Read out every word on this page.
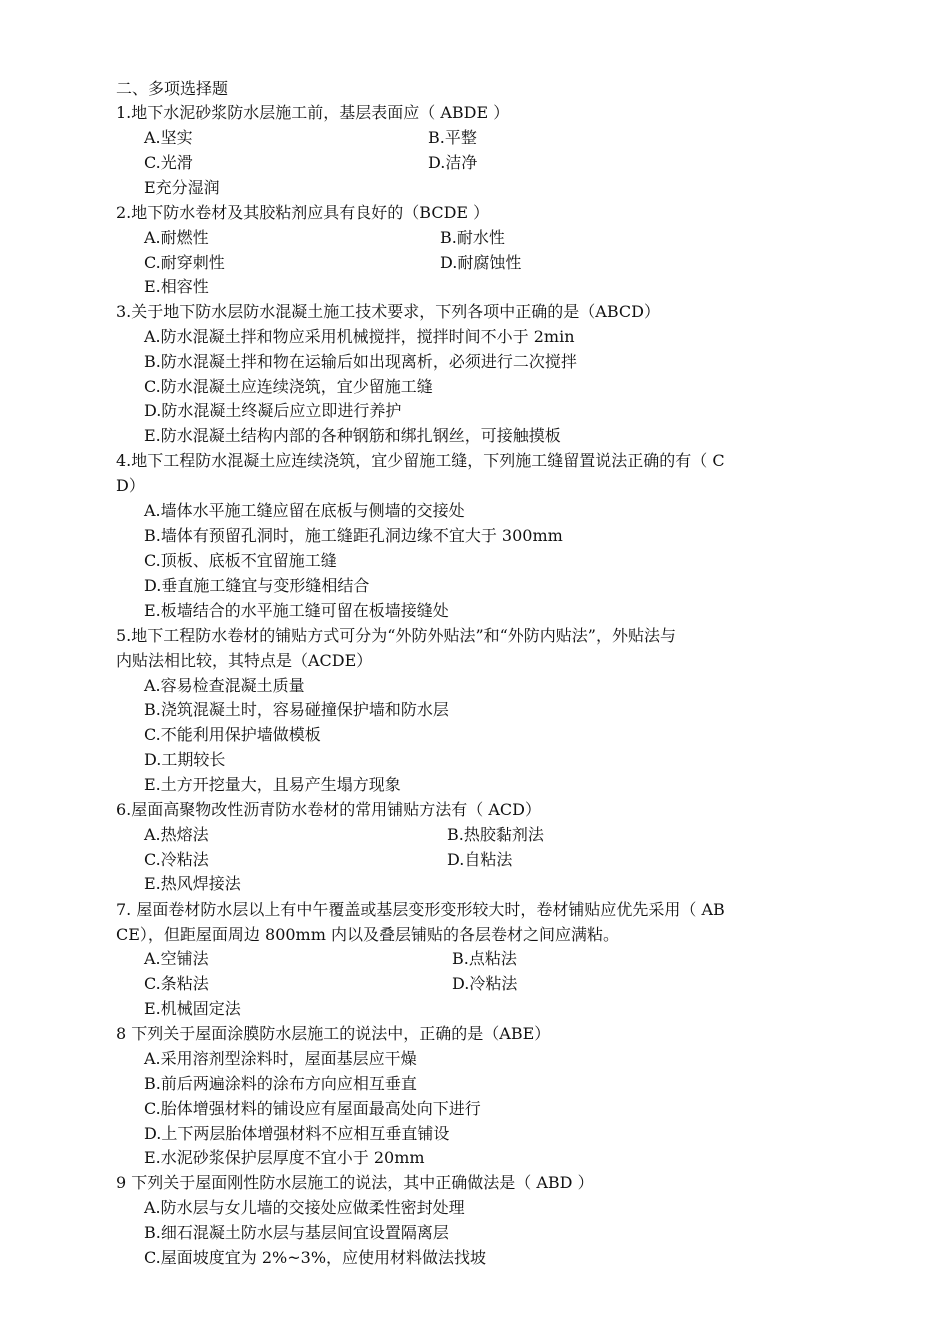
二、多项选择题
1.地下水泥砂浆防水层施工前，基层表面应（ ABDE ）
A.坚实	B.平整
C.光滑	D.洁净
E充分湿润
2.地下防水卷材及其胶粘剂应具有良好的（BCDE ）
A.耐燃性	B.耐水性
C.耐穿刺性	D.耐腐蚀性
E.相容性
3.关于地下防水层防水混凝土施工技术要求，下列各项中正确的是（ABCD）
A.防水混凝土拌和物应采用机械搅拌，搅拌时间不小于 2min
B.防水混凝土拌和物在运输后如出现离析，必须进行二次搅拌
C.防水混凝土应连续浇筑，宜少留施工缝
D.防水混凝土终凝后应立即进行养护
E.防水混凝土结构内部的各种钢筋和绑扎钢丝，可接触摸板
4.地下工程防水混凝土应连续浇筑，宜少留施工缝，下列施工缝留置说法正确的有（ C
D）
A.墙体水平施工缝应留在底板与侧墙的交接处
B.墙体有预留孔洞时，施工缝距孔洞边缘不宜大于 300mm
C.顶板、底板不宜留施工缝
D.垂直施工缝宜与变形缝相结合
E.板墙结合的水平施工缝可留在板墙接缝处
5.地下工程防水卷材的铺贴方式可分为“外防外贴法”和“外防内贴法”，外贴法与
内贴法相比较，其特点是（ACDE）
A.容易检查混凝土质量
B.浇筑混凝土时，容易碰撞保护墙和防水层
C.不能利用保护墙做模板
D.工期较长
E.土方开挖量大，且易产生塌方现象
6.屋面高聚物改性沥青防水卷材的常用铺贴方法有（ ACD）
A.热熔法	B.热胶黏剂法
C.冷粘法	D.自粘法
E.热风焊接法
7. 屋面卷材防水层以上有中午覆盖或基层变形变形较大时，卷材铺贴应优先采用（ AB
CE），但距屋面周边 800mm 内以及叠层铺贴的各层卷材之间应满粘。
A.空铺法	B.点粘法
C.条粘法	D.冷粘法
E.机械固定法
8 下列关于屋面涂膜防水层施工的说法中，正确的是（ABE）
A.采用溶剂型涂料时，屋面基层应干燥
B.前后两遍涂料的涂布方向应相互垂直
C.胎体增强材料的铺设应有屋面最高处向下进行
D.上下两层胎体增强材料不应相互垂直铺设
E.水泥砂浆保护层厚度不宜小于 20mm
9 下列关于屋面刚性防水层施工的说法，其中正确做法是（ ABD ）
A.防水层与女儿墙的交接处应做柔性密封处理
B.细石混凝土防水层与基层间宜设置隔离层
C.屋面坡度宜为 2%~3%，应使用材料做法找坡
